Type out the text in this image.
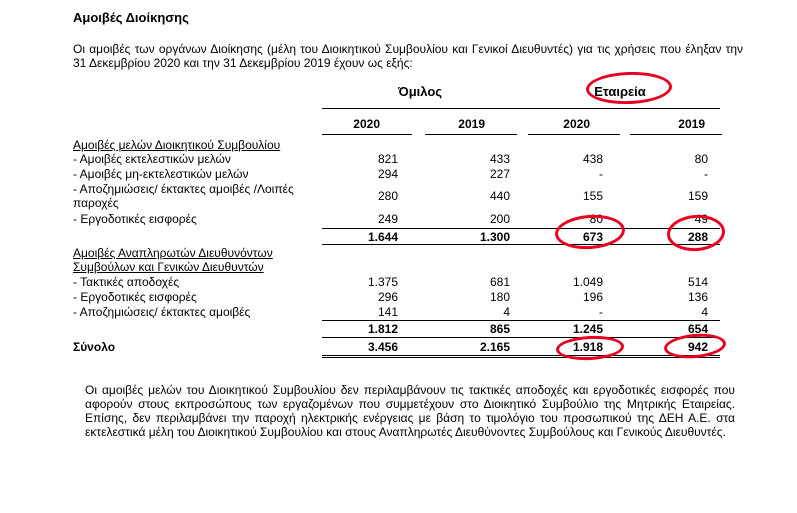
Αμοιβές Διοίκησης
Οι αμοιβές των οργάνων Διοίκησης (μέλη του Διοικητικού Συμβουλίου και Γενικοί Διευθυντές) για τις χρήσεις που έληξαν την 31 Δεκεμβρίου 2020 και την 31 Δεκεμβρίου 2019 έχουν ως εξής:
Όμιλος	Εταιρεία
2020	2019	2020	2019
Αμοιβές μελών Διοικητικού Συμβουλίου
- Αμοιβές εκτελεστικών μελών	821	433	438	80
- Αμοιβές μη-εκτελεστικών μελών	294	227	-	-
- Αποζημιώσεις/ έκτακτες αμοιβές /Λοιπές
παροχές	280	440	155	159
- Εργοδοτικές εισφορές	249	200	80	49
1.644	1.300	673	288
Αμοιβές Αναπληρωτών Διευθυνόντων
Συμβούλων και Γενικών Διευθυντών
- Τακτικές αποδοχές	1.375	681	1.049	514
- Εργοδοτικές εισφορές	296	180	196	136
- Αποζημιώσεις/ έκτακτες αμοιβές	141	4	-	4
1.812	865	1.245	654
Σύνολο	3.456	2.165	1.918	942
Οι αμοιβές μελών του Διοικητικού Συμβουλίου δεν περιλαμβάνουν τις τακτικές αποδοχές και εργοδοτικές εισφορές που αφορούν στους εκπροσώπους των εργαζομένων που συμμετέχουν στο Διοικητικό Συμβούλιο της Μητρικής Εταιρείας. Επίσης, δεν περιλαμβάνει την παροχή ηλεκτρικής ενέργειας με βάση το τιμολόγιο του προσωπικού της ΔΕΗ Α.Ε. στα εκτελεστικά μέλη του Διοικητικού Συμβουλίου και στους Αναπληρωτές Διευθύνοντες Συμβούλους και Γενικούς Διευθυντές.
